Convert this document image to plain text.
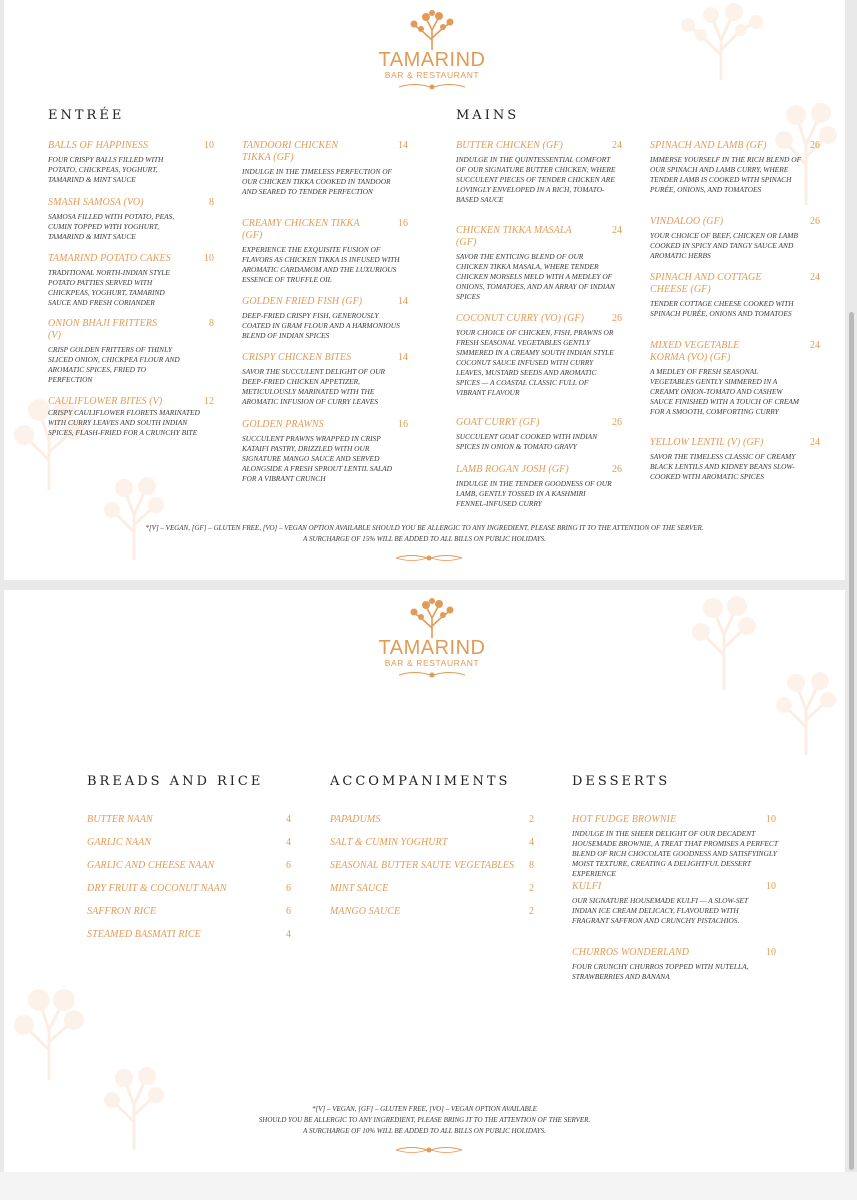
TAMARIND
BAR & RESTAURANT
ENTRÉE	MAINS
BALLS OF HAPPINESS	10
FOUR CRISPY BALLS FILLED WITH POTATO, CHICKPEAS, YOGHURT, TAMARIND & MINT SAUCE
SMASH SAMOSA (VO)	8
SAMOSA FILLED WITH POTATO, PEAS, CUMIN TOPPED WITH YOGHURT, TAMARIND & MINT SAUCE
TAMARIND POTATO CAKES	10
TRADITIONAL NORTH-INDIAN STYLE POTATO PATTIES SERVED WITH CHICKPEAS, YOGHURT, TAMARIND SAUCE AND FRESH CORIANDER
ONION BHAJI FRITTERS (V)
8
CRISP GOLDEN FRITTERS OF THINLY SLICED ONION, CHICKPEA FLOUR AND AROMATIC SPICES, FRIED TO PERFECTION
CAULIFLOWER BITES (V)	12
CRISPY CAULIFLOWER FLORETS MARINATED WITH CURRY LEAVES AND SOUTH INDIAN SPICES, FLASH-FRIED FOR A CRUNCHY BITE
TANDOORI CHICKEN TIKKA (GF)
14
INDULGE IN THE TIMELESS PERFECTION OF OUR CHICKEN TIKKA COOKED IN TANDOOR AND SEARED TO TENDER PERFECTION
CREAMY CHICKEN TIKKA (GF)
16
EXPERIENCE THE EXQUISITE FUSION OF FLAVORS AS CHICKEN TIKKA IS INFUSED WITH AROMATIC CARDAMOM AND THE LUXURIOUS ESSENCE OF TRUFFLE OIL
GOLDEN FRIED FISH (GF)	14
DEEP-FRIED CRISPY FISH, GENEROUSLY COATED IN GRAM FLOUR AND A HARMONIOUS BLEND OF INDIAN SPICES
CRISPY CHICKEN BITES	14
SAVOR THE SUCCULENT DELIGHT OF OUR DEEP-FRIED CHICKEN APPETIZER, METICULOUSLY MARINATED WITH THE AROMATIC INFUSION OF CURRY LEAVES
GOLDEN PRAWNS	16
SUCCULENT PRAWNS WRAPPED IN CRISP KATAIFI PASTRY, DRIZZLED WITH OUR SIGNATURE MANGO SAUCE AND SERVED ALONGSIDE A FRESH SPROUT LENTIL SALAD FOR A VIBRANT CRUNCH
BUTTER CHICKEN (GF)	24
INDULGE IN THE QUINTESSENTIAL COMFORT OF OUR SIGNATURE BUTTER CHICKEN, WHERE SUCCULENT PIECES OF TENDER CHICKEN ARE LOVINGLY ENVELOPED IN A RICH, TOMATO-BASED SAUCE
CHICKEN TIKKA MASALA (GF)
24
SAVOR THE ENTICING BLEND OF OUR CHICKEN TIKKA MASALA, WHERE TENDER CHICKEN MORSELS MELD WITH A MEDLEY OF ONIONS, TOMATOES, AND AN ARRAY OF INDIAN SPICES
COCONUT CURRY (VO) (GF)	26
YOUR CHOICE OF CHICKEN, FISH, PRAWNS OR FRESH SEASONAL VEGETABLES GENTLY SIMMERED IN A CREAMY SOUTH INDIAN STYLE COCONUT SAUCE INFUSED WITH CURRY LEAVES, MUSTARD SEEDS AND AROMATIC SPICES — A COASTAL CLASSIC FULL OF VIBRANT FLAVOUR
GOAT CURRY (GF)	26
SUCCULENT GOAT COOKED WITH INDIAN SPICES IN ONION & TOMATO GRAVY
LAMB ROGAN JOSH (GF)	26
INDULGE IN THE TENDER GOODNESS OF OUR LAMB, GENTLY TOSSED IN A KASHMIRI FENNEL-INFUSED CURRY
SPINACH AND LAMB (GF)	26
IMMERSE YOURSELF IN THE RICH BLEND OF OUR SPINACH AND LAMB CURRY, WHERE TENDER LAMB IS COOKED WITH SPINACH PURÉE, ONIONS, AND TOMATOES
VINDALOO (GF)	26
YOUR CHOICE OF BEEF, CHICKEN OR LAMB COOKED IN SPICY AND TANGY SAUCE AND AROMATIC HERBS
SPINACH AND COTTAGE CHEESE (GF)
24
TENDER COTTAGE CHEESE COOKED WITH SPINACH PURÉE, ONIONS AND TOMATOES
MIXED VEGETABLE KORMA (VO) (GF)
24
A MEDLEY OF FRESH SEASONAL VEGETABLES GENTLY SIMMERED IN A CREAMY ONION-TOMATO AND CASHEW SAUCE FINISHED WITH A TOUCH OF CREAM FOR A SMOOTH, COMFORTING CURRY
YELLOW LENTIL (V) (GF)	24
SAVOR THE TIMELESS CLASSIC OF CREAMY BLACK LENTILS AND KIDNEY BEANS SLOW-COOKED WITH AROMATIC SPICES
*[V] – VEGAN, [GF] – GLUTEN FREE, [VO] – VEGAN OPTION AVAILABLE SHOULD YOU BE ALLERGIC TO ANY INGREDIENT, PLEASE BRING IT TO THE ATTENTION OF THE SERVER.
A SURCHARGE OF 15% WILL BE ADDED TO ALL BILLS ON PUBLIC HOLIDAYS.
TAMARIND
BAR & RESTAURANT
BREADS AND RICE	ACCOMPANIMENTS	DESSERTS
BUTTER NAAN	4
GARLIC NAAN	4
GARLIC AND CHEESE NAAN	6
DRY FRUIT & COCONUT NAAN	6
SAFFRON RICE	6
STEAMED BASMATI RICE	4
PAPADUMS	2
SALT & CUMIN YOGHURT	4
SEASONAL BUTTER SAUTE VEGETABLES	8
MINT SAUCE	2
MANGO SAUCE	2
HOT FUDGE BROWNIE	10
INDULGE IN THE SHEER DELIGHT OF OUR DECADENT HOUSEMADE BROWNIE, A TREAT THAT PROMISES A PERFECT BLEND OF RICH CHOCOLATE GOODNESS AND SATISFYINGLY MOIST TEXTURE, CREATING A DELIGHTFUL DESSERT EXPERIENCE
KULFI	10
OUR SIGNATURE HOUSEMADE KULFI — A SLOW-SET INDIAN ICE CREAM DELICACY, FLAVOURED WITH FRAGRANT SAFFRON AND CRUNCHY PISTACHIOS.
CHURROS WONDERLAND	10
FOUR CRUNCHY CHURROS TOPPED WITH NUTELLA, STRAWBERRIES AND BANANA
*[V] – VEGAN, [GF] – GLUTEN FREE, [VO] – VEGAN OPTION AVAILABLE
SHOULD YOU BE ALLERGIC TO ANY INGREDIENT, PLEASE BRING IT TO THE ATTENTION OF THE SERVER.
A SURCHARGE OF 10% WILL BE ADDED TO ALL BILLS ON PUBLIC HOLIDAYS.
